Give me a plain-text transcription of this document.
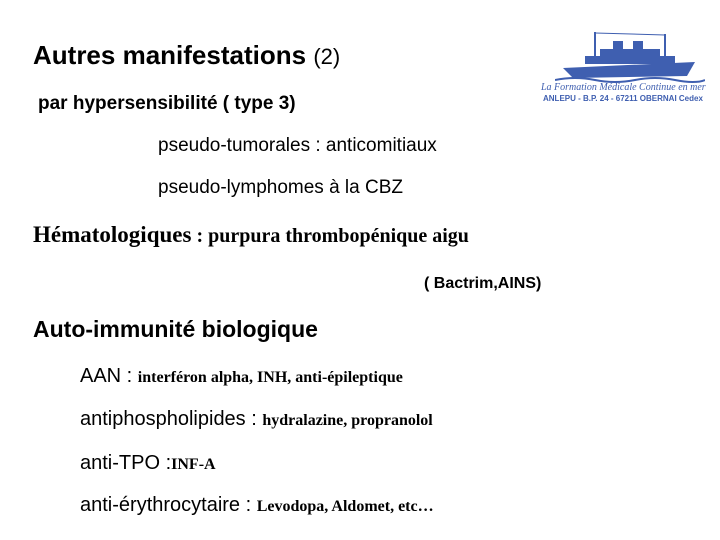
Autres manifestations (2)
par hypersensibilité ( type 3)
pseudo-tumorales : anticomitiaux
pseudo-lymphomes à la CBZ
Hématologiques : purpura thrombopénique aigu
( Bactrim,AINS)
Auto-immunité biologique
AAN : interféron alpha, INH, anti-épileptique
antiphospholipides : hydralazine, propranolol
anti-TPO :INF-A
anti-érythrocytaire : Levodopa, Aldomet, etc…
La Formation Médicale Continue en mer
ANLEPU - B.P. 24 - 67211 OBERNAI Cedex
